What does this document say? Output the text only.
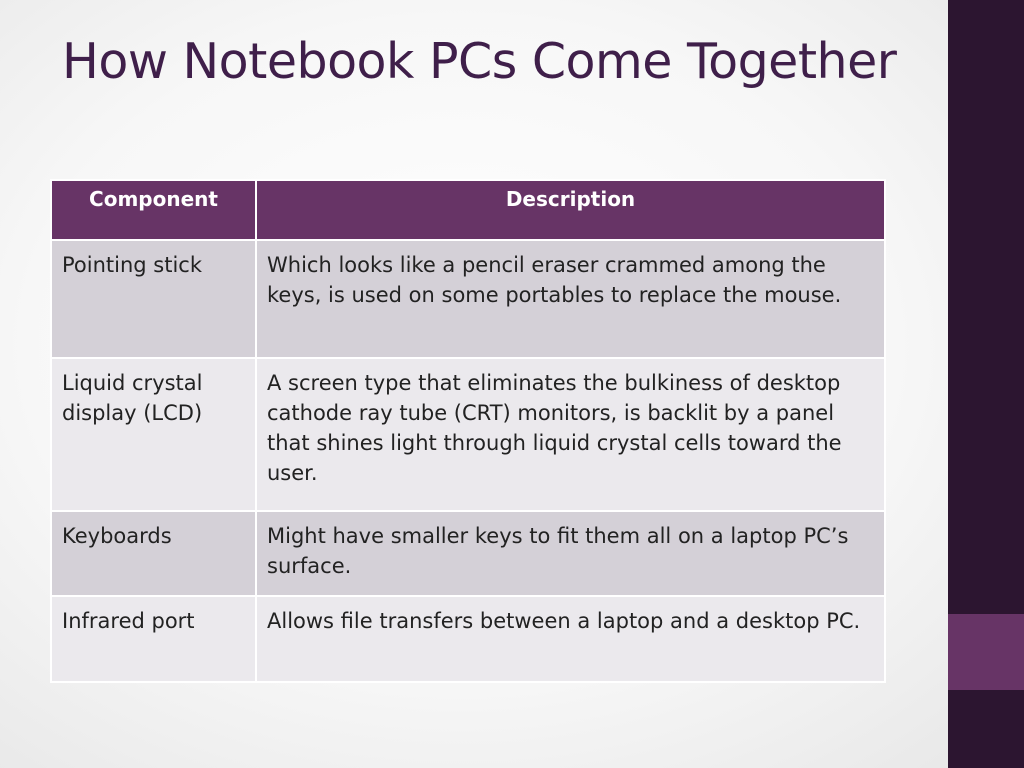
How Notebook PCs Come Together
Component	Description
Pointing stick	Which looks like a pencil eraser crammed among the keys, is used on some portables to replace the mouse.
Liquid crystal display (LCD)	A screen type that eliminates the bulkiness of desktop cathode ray tube (CRT) monitors, is backlit by a panel that shines light through liquid crystal cells toward the user.
Keyboards	Might have smaller keys to fit them all on a laptop PC’s surface.
Infrared port	Allows file transfers between a laptop and a desktop PC.
